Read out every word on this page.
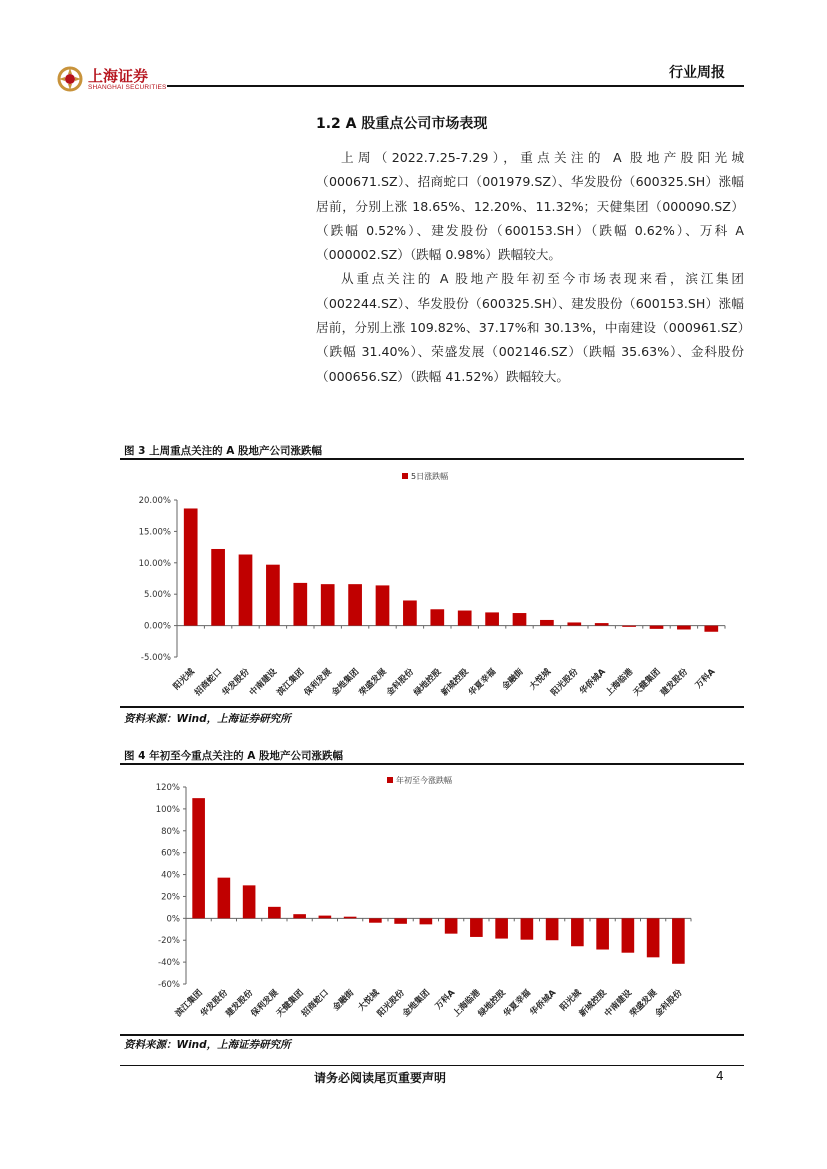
上海证券
SHANGHAI SECURITIES
行业周报
1.2 A 股重点公司市场表现

上周（2022.7.25-7.29），重点关注的 A 股地产股阳光城（000671.SZ）、招商蛇口（001979.SZ）、华发股份（600325.SH）涨幅居前，分别上涨 18.65%、12.20%、11.32%；天健集团（000090.SZ）（跌幅 0.52%）、建发股份（600153.SH）（跌幅 0.62%）、万科 A（000002.SZ）（跌幅 0.98%）跌幅较大。

从重点关注的 A 股地产股年初至今市场表现来看，滨江集团（002244.SZ）、华发股份（600325.SH）、建发股份（600153.SH）涨幅居前，分别上涨 109.82%、37.17%和 30.13%，中南建设（000961.SZ）（跌幅 31.40%）、荣盛发展（002146.SZ）（跌幅 35.63%）、金科股份（000656.SZ）（跌幅 41.52%）跌幅较大。

图 3 上周重点关注的 A 股地产公司涨跌幅
5日涨跌幅
20.00%
15.00%
10.00%
5.00%
0.00%
-5.00%
阳光城
招商蛇口
华发股份
中南建设
滨江集团
保利发展
金地集团
荣盛发展
金科股份
绿地控股
新城控股
华夏幸福 金融街 大悦城
阳光股份
华侨城A
上海临港
天健集团
建发股份 万科A
资料来源：Wind，上海证券研究所
图 4 年初至今重点关注的 A 股地产公司涨跌幅
年初至今涨跌幅
120%
100%
80%
60%
40%
20%
0%
-20%
-40%
-60%
滨江集团
华发股份
建发股份
保利发展
天健集团
招商蛇口 金融街 大悦城
阳光股份
金地集团 万科A
上海临港
绿地控股
华夏幸福
华侨城A 阳光城
新城控股
中南建设
荣盛发展
金科股份
资料来源：Wind，上海证券研究所
请务必阅读尾页重要声明	4
